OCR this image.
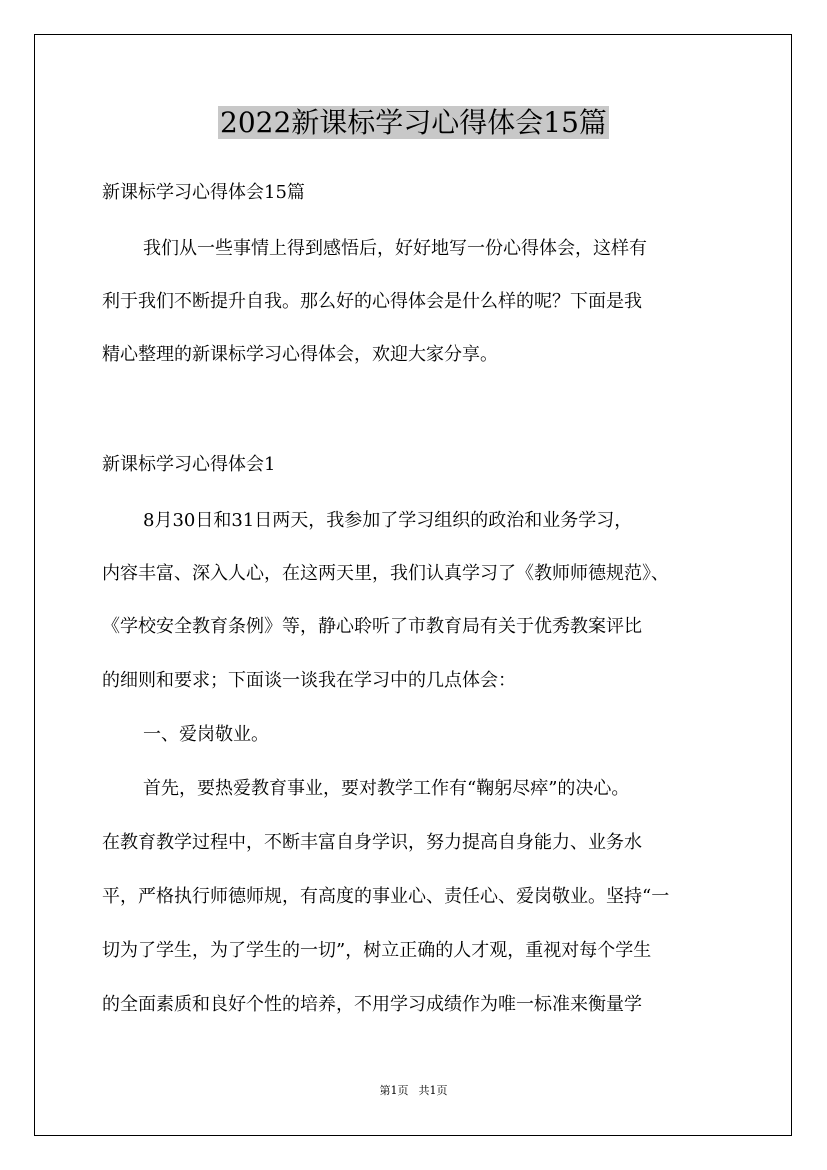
2022新课标学习心得体会15篇

新课标学习心得体会15篇

我们从一些事情上得到感悟后，好好地写一份心得体会，这样有

利于我们不断提升自我。那么好的心得体会是什么样的呢？下面是我

精心整理的新课标学习心得体会，欢迎大家分享。

新课标学习心得体会1

8月30日和31日两天，我参加了学习组织的政治和业务学习，

内容丰富、深入人心，在这两天里，我们认真学习了《教师师德规范》、

《学校安全教育条例》等，静心聆听了市教育局有关于优秀教案评比

的细则和要求；下面谈一谈我在学习中的几点体会：

一、爱岗敬业。

首先，要热爱教育事业，要对教学工作有“鞠躬尽瘁”的决心。

在教育教学过程中，不断丰富自身学识，努力提高自身能力、业务水

平，严格执行师德师规，有高度的事业心、责任心、爱岗敬业。坚持“一

切为了学生，为了学生的一切”，树立正确的人才观，重视对每个学生

的全面素质和良好个性的培养，不用学习成绩作为唯一标准来衡量学

第1页 共1页
